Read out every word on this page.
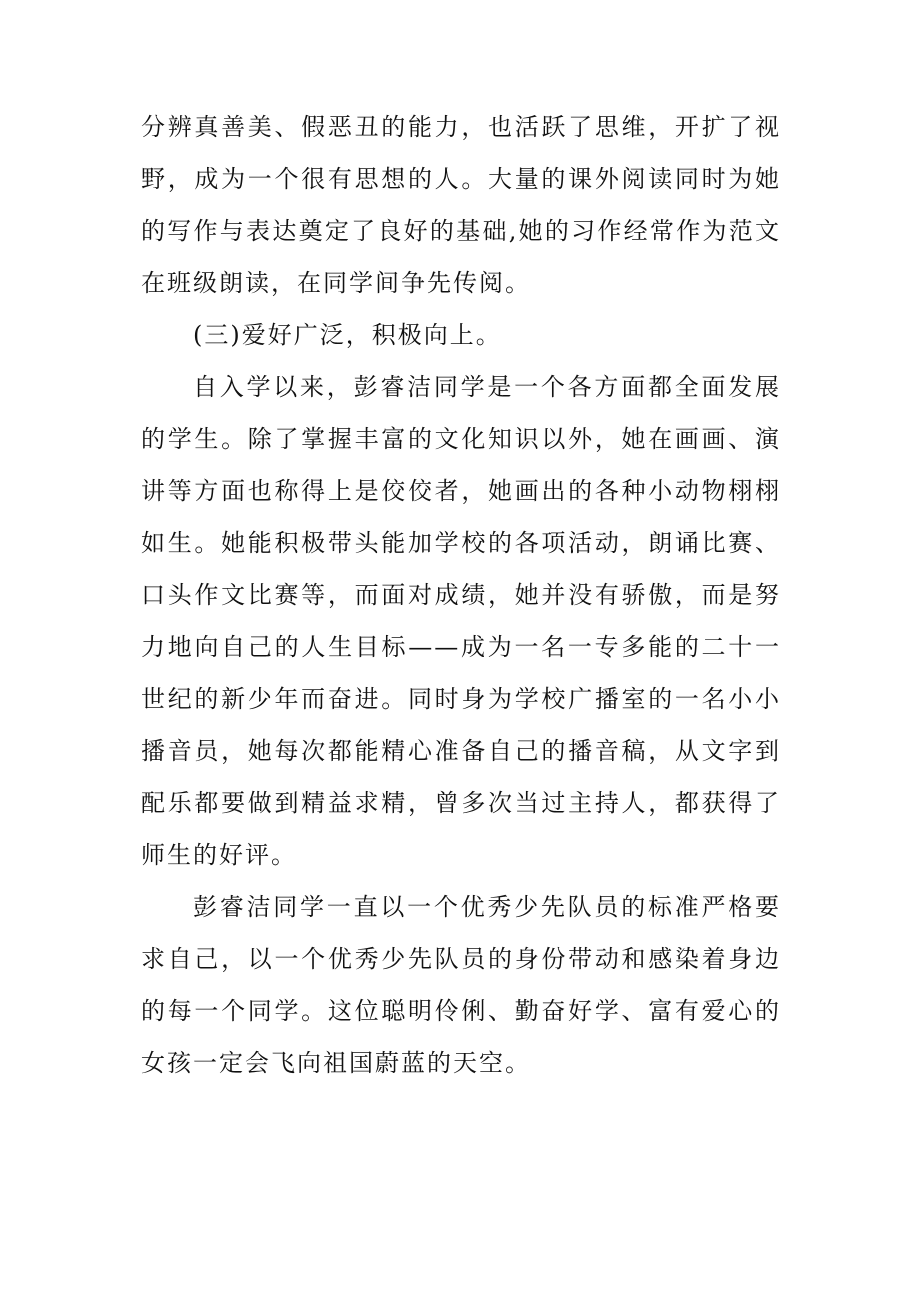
分辨真善美、假恶丑的能力，也活跃了思维，开扩了视野，成为一个很有思想的人。大量的课外阅读同时为她的写作与表达奠定了良好的基础,她的习作经常作为范文在班级朗读，在同学间争先传阅。

(三)爱好广泛，积极向上。

自入学以来，彭睿洁同学是一个各方面都全面发展的学生。除了掌握丰富的文化知识以外，她在画画、演讲等方面也称得上是佼佼者，她画出的各种小动物栩栩如生。她能积极带头能加学校的各项活动，朗诵比赛、口头作文比赛等，而面对成绩，她并没有骄傲，而是努力地向自己的人生目标——成为一名一专多能的二十一世纪的新少年而奋进。同时身为学校广播室的一名小小播音员，她每次都能精心准备自己的播音稿，从文字到配乐都要做到精益求精，曾多次当过主持人，都获得了师生的好评。

彭睿洁同学一直以一个优秀少先队员的标准严格要求自己，以一个优秀少先队员的身份带动和感染着身边的每一个同学。这位聪明伶俐、勤奋好学、富有爱心的女孩一定会飞向祖国蔚蓝的天空。
